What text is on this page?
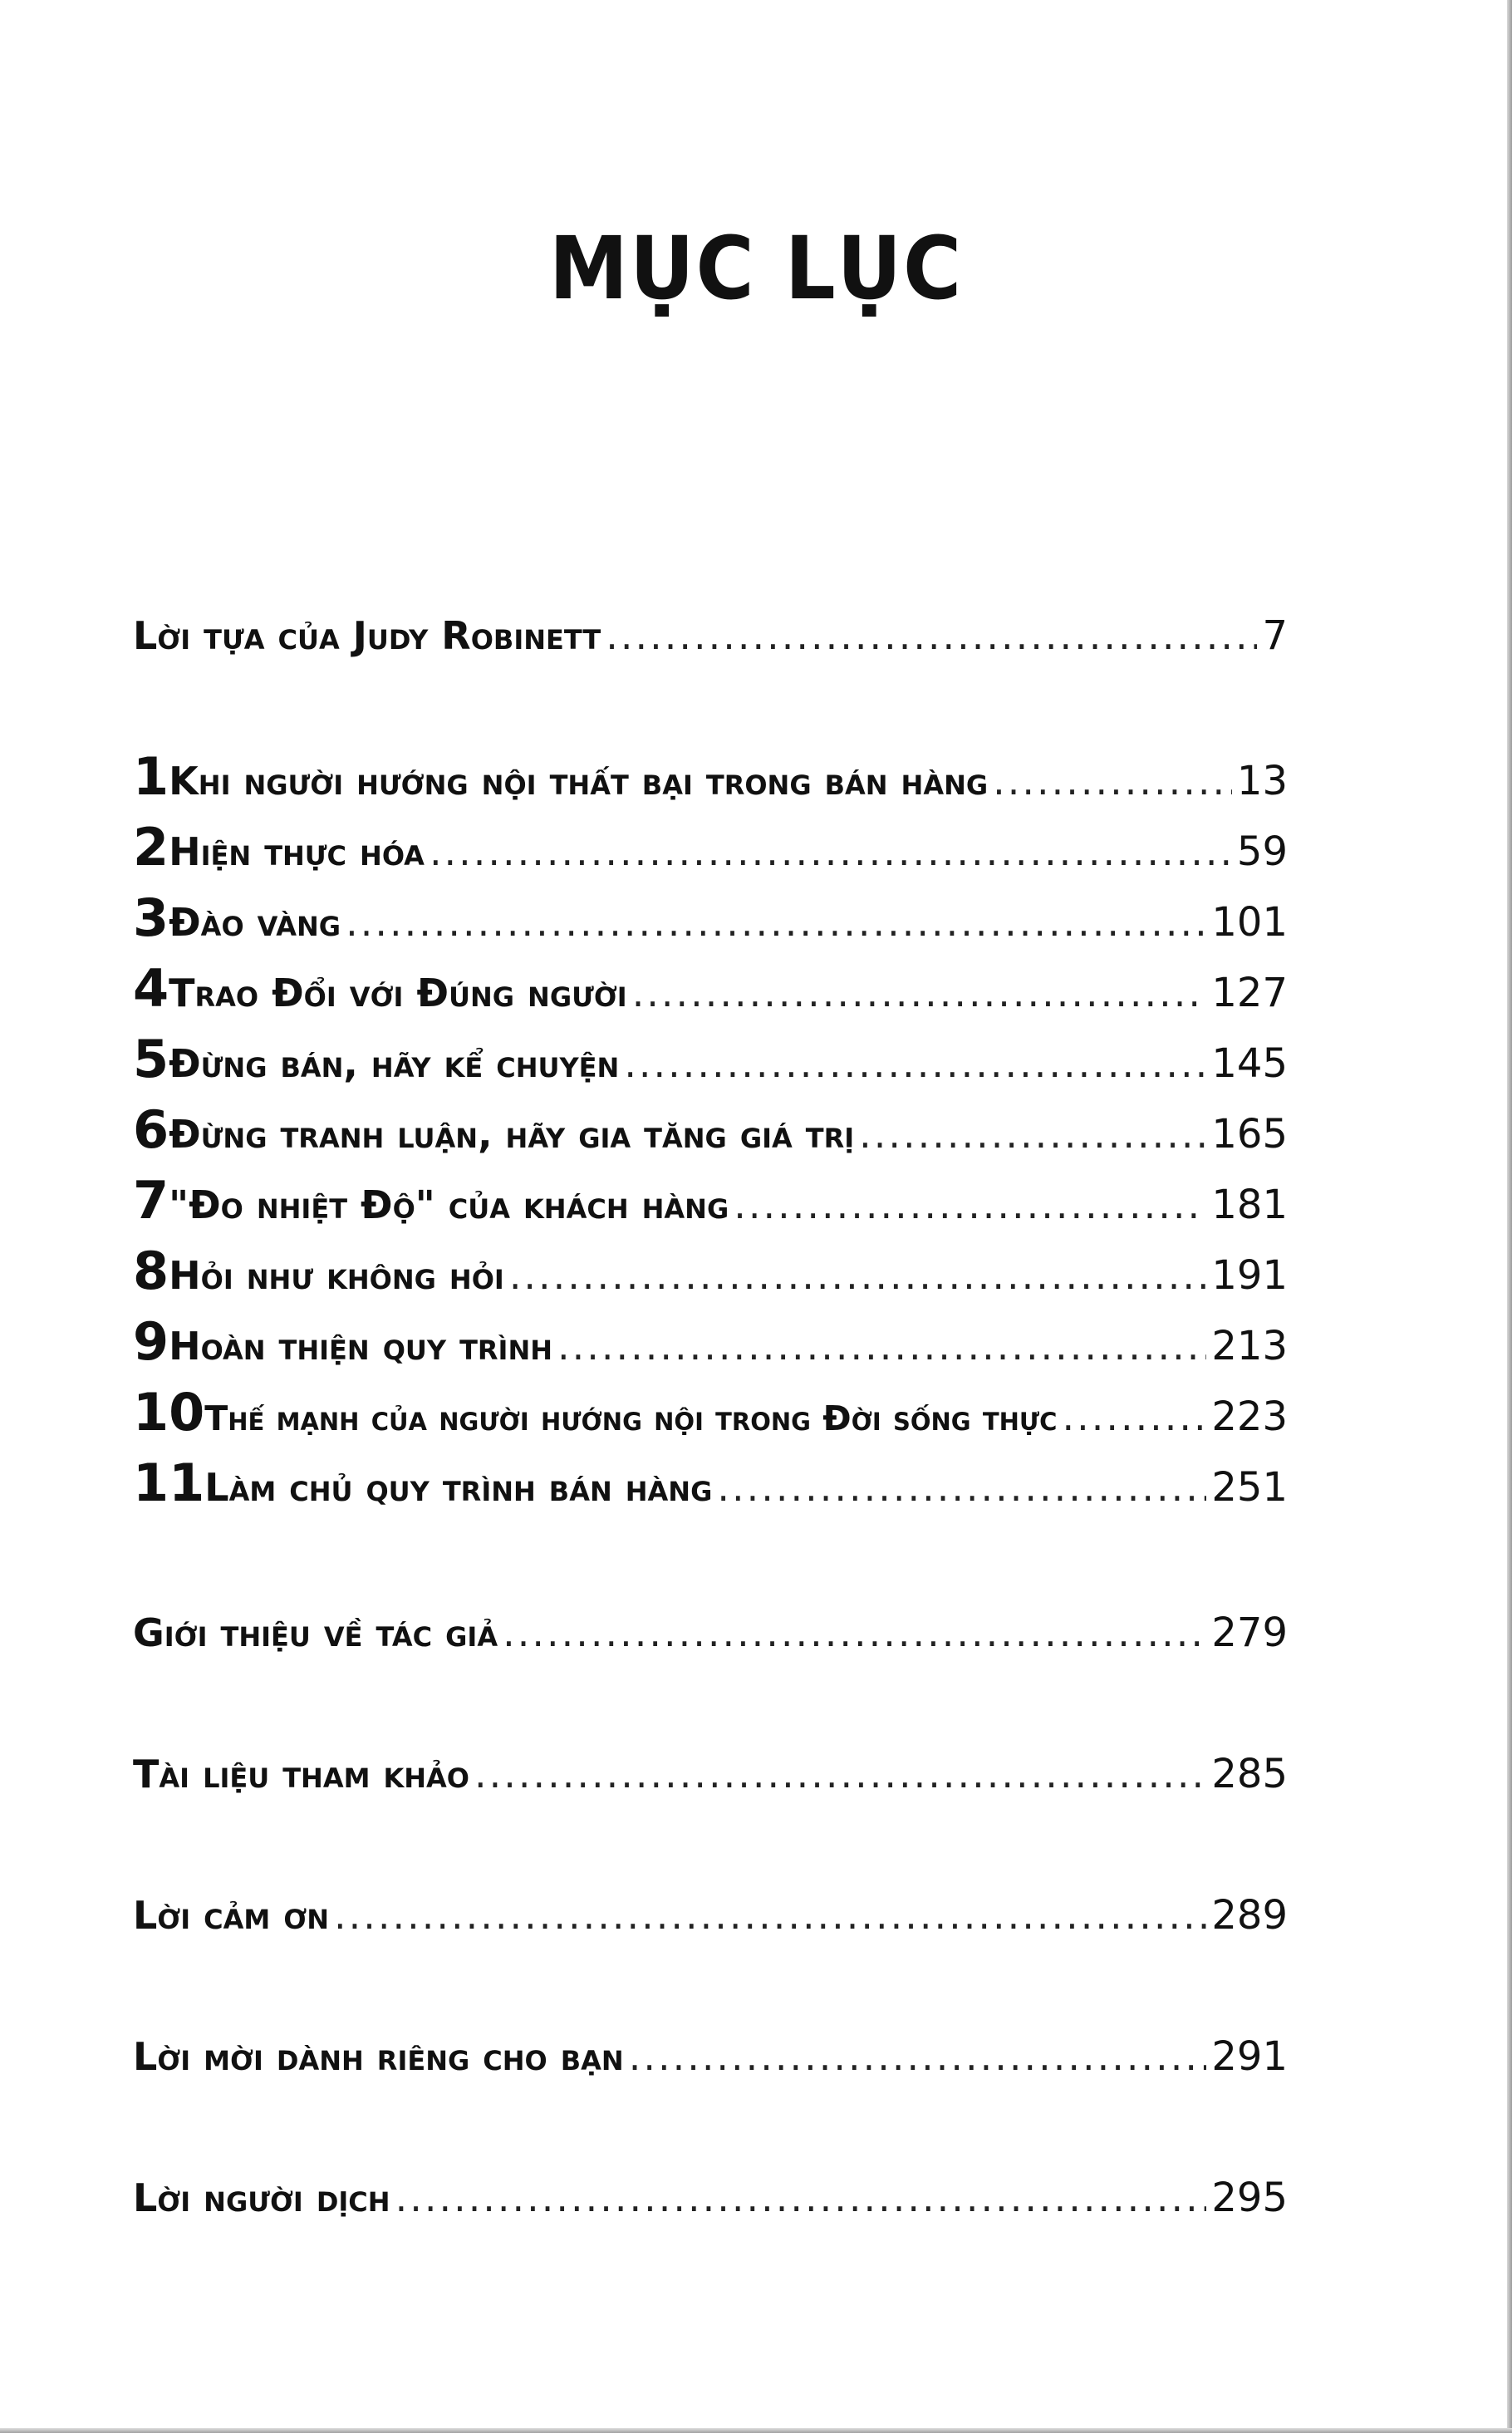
MỤC LỤC
Lời tựa của Judy Robinett .....	7
1 Khi người hướng nội thất bại trong bán hàng .....	13
2 Hiện thực hóa .....	59
3 Đào vàng .....	101
4 Trao Đổi với Đúng người .....	127
5 Đừng bán, hãy kể chuyện .....	145
6 Đừng tranh luận, hãy gia tăng giá trị .....	165
7 "Đo nhiệt Độ" của khách hàng .....	181
8 Hỏi như không hỏi .....	191
9 Hoàn thiện quy trình .....	213
10 Thế mạnh của người hướng nội trong Đời sống thực .....	223
11 Làm chủ quy trình bán hàng .....	251
Giới thiệu về tác giả .....	279
Tài liệu tham khảo .....	285
Lời cảm ơn .....	289
Lời mời dành riêng cho bạn .....	291
Lời người dịch .....	295
